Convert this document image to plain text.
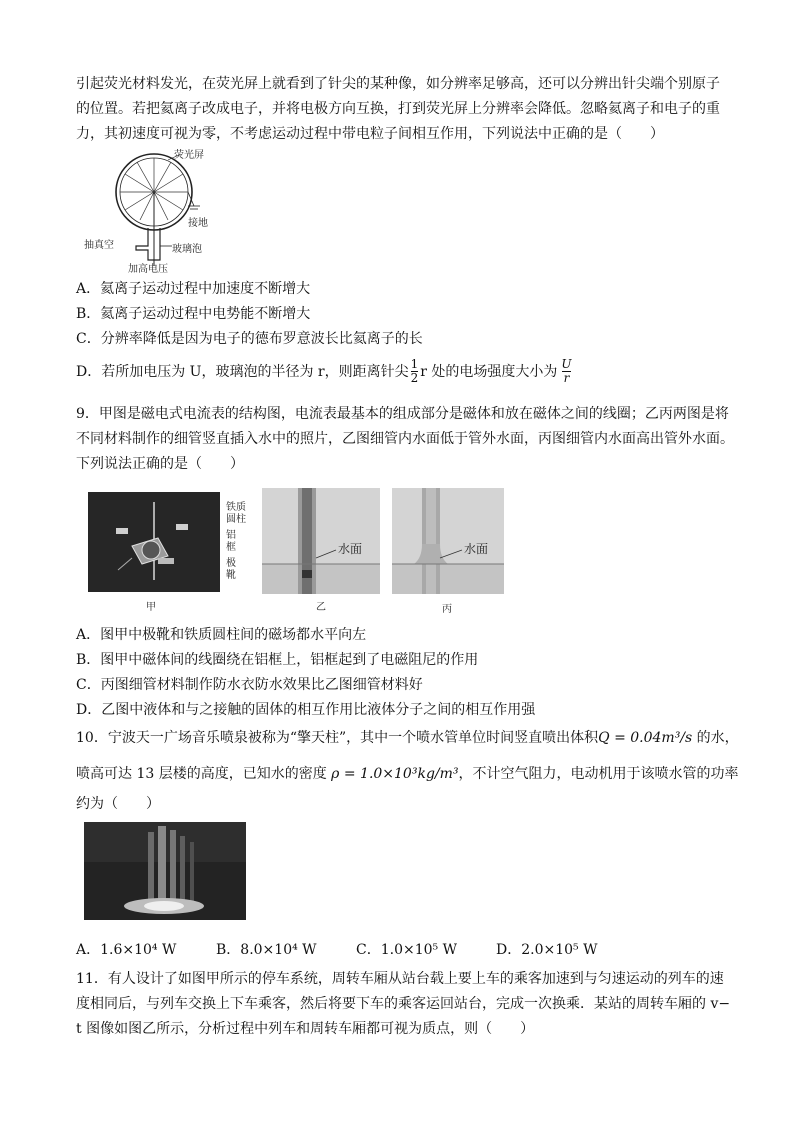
引起荧光材料发光，在荧光屏上就看到了针尖的某种像，如分辨率足够高，还可以分辨出针尖端个别原子
的位置。若把氦离子改成电子，并将电极方向互换，打到荧光屏上分辨率会降低。忽略氦离子和电子的重
力，其初速度可视为零，不考虑运动过程中带电粒子间相互作用，下列说法中正确的是（　　）
荧光屏
接地
抽真空	玻璃泡
加高电压
A．氦离子运动过程中加速度不断增大
B．氦离子运动过程中电势能不断增大
C．分辨率降低是因为电子的德布罗意波长比氦离子的长
D．若所加电压为 U，玻璃泡的半径为 r，则距离针尖 $\frac{1}{2}$ r 处的电场强度大小为 $\frac{U}{r}$
9．甲图是磁电式电流表的结构图，电流表最基本的组成部分是磁体和放在磁体之间的线圈；乙丙两图是将
不同材料制作的细管竖直插入水中的照片，乙图细管内水面低于管外水面，丙图细管内水面高出管外水面。
下列说法正确的是（　　）
铁质
圆柱
铝
框
极
靴
甲
水面
乙
水面
丙
A．图甲中极靴和铁质圆柱间的磁场都水平向左
B．图甲中磁体间的线圈绕在铝框上，铝框起到了电磁阻尼的作用
C．丙图细管材料制作防水衣防水效果比乙图细管材料好
D．乙图中液体和与之接触的固体的相互作用比液体分子之间的相互作用强
10．宁波天一广场音乐喷泉被称为“擎天柱”，其中一个喷水管单位时间竖直喷出体积Q = 0.04m³/s 的水，
喷高可达 13 层楼的高度，已知水的密度 ρ = 1.0×10³kg/m³，不计空气阻力，电动机用于该喷水管的功率
约为（　　）
A．1.6×10⁴ W	B．8.0×10⁴ W	C．1.0×10⁵ W	D．2.0×10⁵ W
11．有人设计了如图甲所示的停车系统，周转车厢从站台载上要上车的乘客加速到与匀速运动的列车的速
度相同后，与列车交换上下车乘客，然后将要下车的乘客运回站台，完成一次换乘．某站的周转车厢的 v−
t 图像如图乙所示，分析过程中列车和周转车厢都可视为质点，则（　　）
